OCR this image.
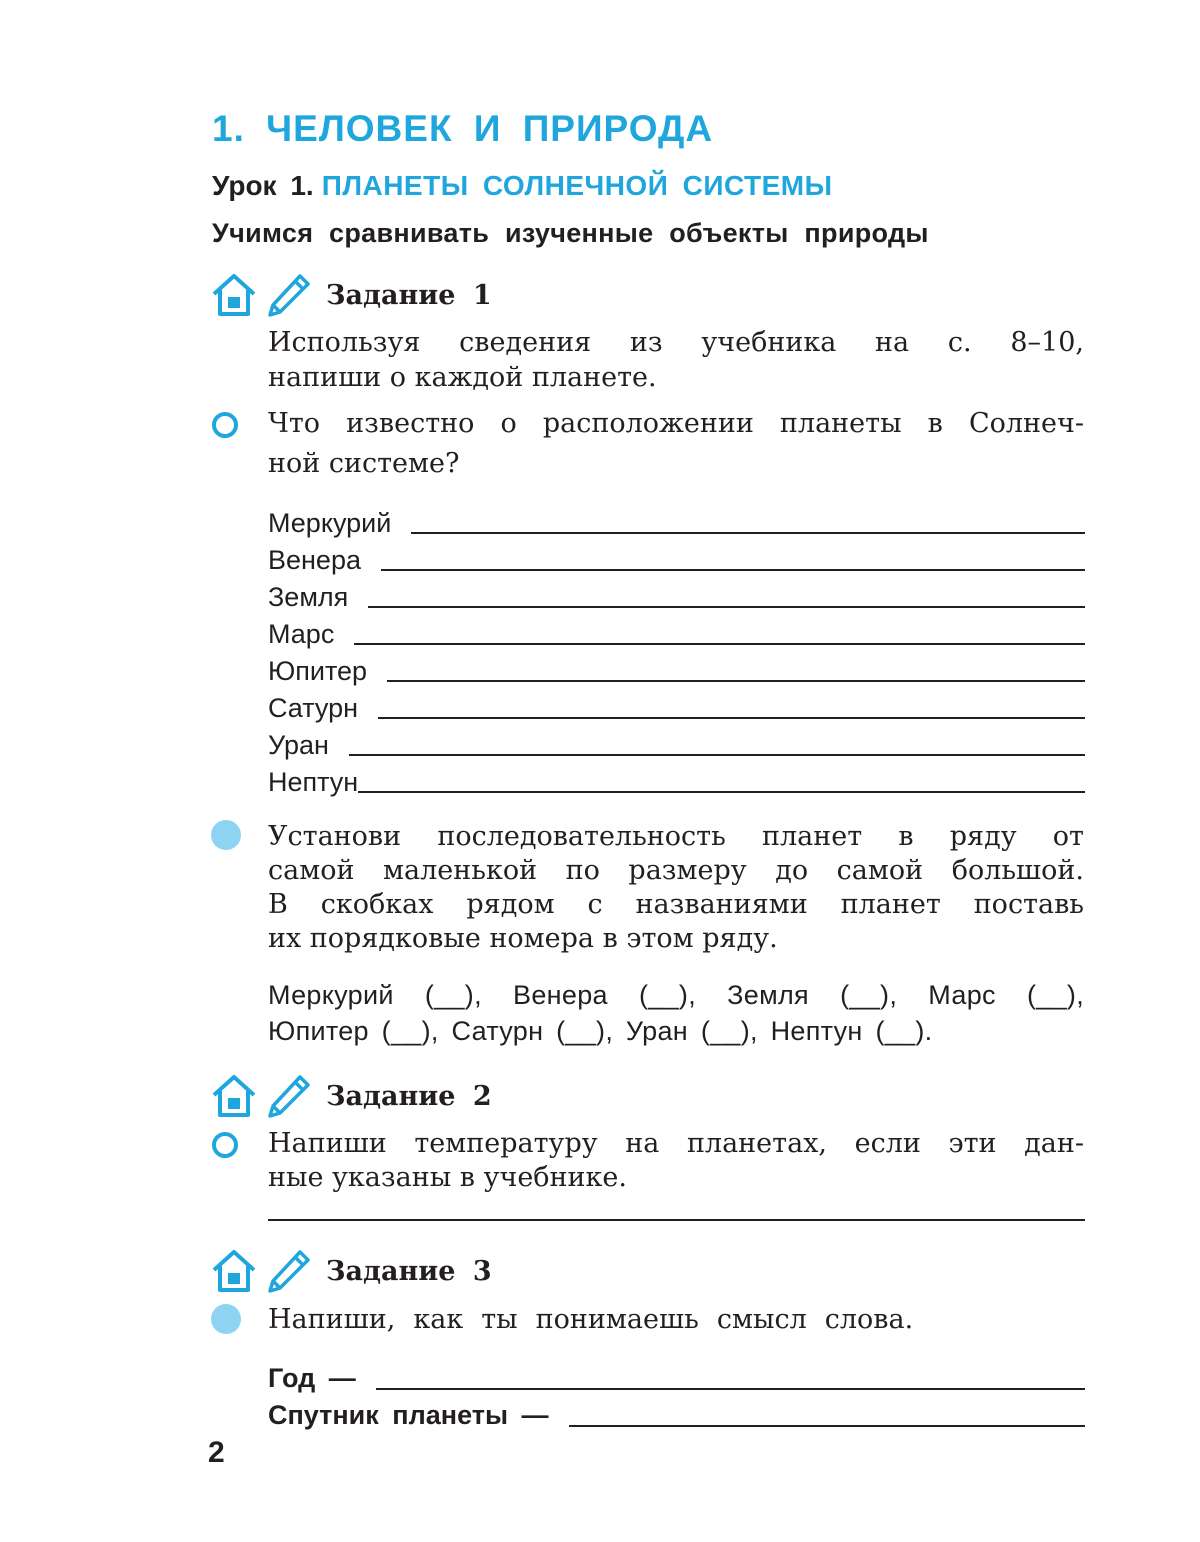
1. ЧЕЛОВЕК И ПРИРОДА
Урок 1. ПЛАНЕТЫ СОЛНЕЧНОЙ СИСТЕМЫ
Учимся сравнивать изученные объекты природы
Задание 1
Используя сведения из учебника на с. 8–10,
напиши о каждой планете.
Что известно о расположении планеты в Солнеч-
ной системе?
Меркурий
Венера
Земля
Марс
Юпитер
Сатурн
Уран
Нептун
Установи последовательность планет в ряду от
самой маленькой по размеру до самой большой.
В скобках рядом с названиями планет поставь
их порядковые номера в этом ряду.
Меркурий (__), Венера (__), Земля (__), Марс (__),
Юпитер (__), Сатурн (__), Уран (__), Нептун (__).
Задание 2
Напиши температуру на планетах, если эти дан-
ные указаны в учебнике.
Задание 3
Напиши, как ты понимаешь смысл слова.
Год —
Спутник планеты —
2
